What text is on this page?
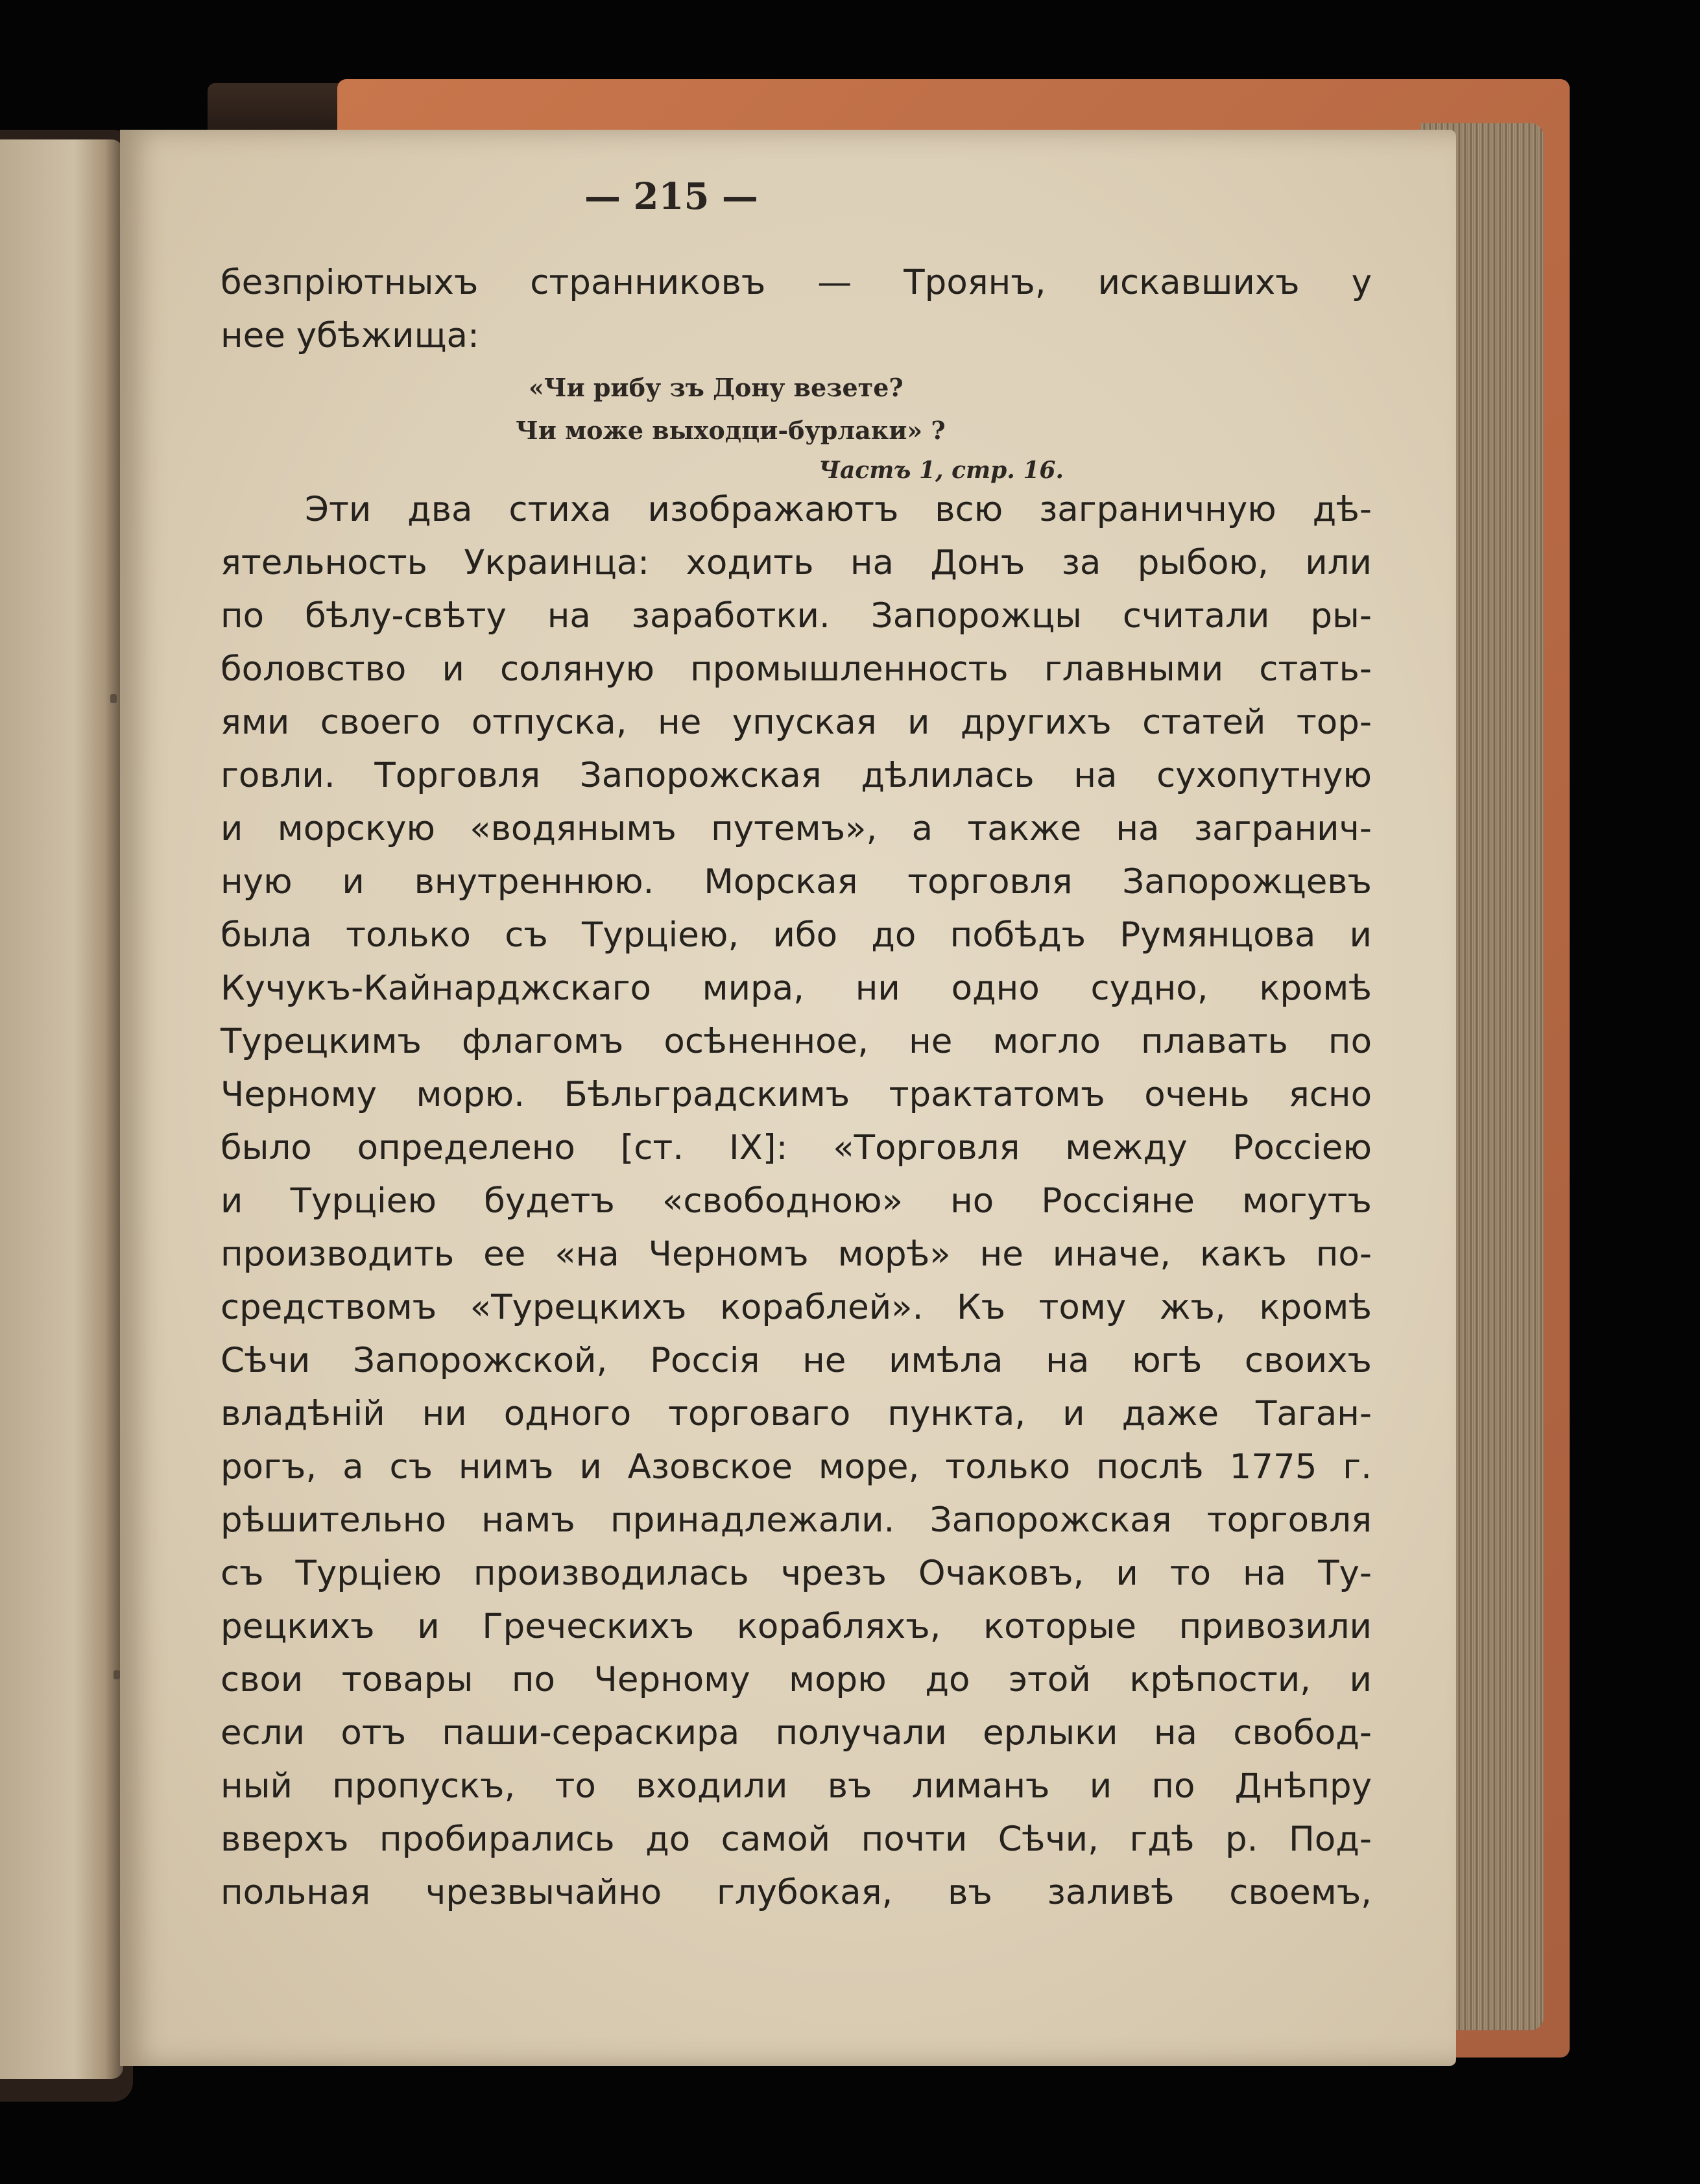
— 215 —
безпріютныхъ странниковъ — Троянъ, искавшихъ у
нее убѣжища:
«Чи рибу зъ Дону везете?
Чи може выходци-бурлаки» ?
Частъ 1, стр. 16.
Эти два стиха изображаютъ всю заграничную дѣ-
ятельность Украинца: ходить на Донъ за рыбою, или
по бѣлу-свѣту на заработки. Запорожцы считали ры-
боловство и соляную промышленность главными стать-
ями своего отпуска, не упуская и другихъ статей тор-
говли. Торговля Запорожская дѣлилась на сухопутную
и морскую «водянымъ путемъ», а также на загранич-
ную и внутреннюю. Морская торговля Запорожцевъ
была только съ Турціею, ибо до побѣдъ Румянцова и
Кучукъ-Кайнарджскаго мира, ни одно судно, кромѣ
Турецкимъ флагомъ осѣненное, не могло плавать по
Черному морю. Бѣльградскимъ трактатомъ очень ясно
было определено [ст. IX]: «Торговля между Россіею
и Турціею будетъ «свободною» но Россіяне могутъ
производить ее «на Черномъ морѣ» не иначе, какъ по-
средствомъ «Турецкихъ кораблей». Къ тому жъ, кромѣ
Сѣчи Запорожской, Россія не имѣла на югѣ своихъ
владѣній ни одного торговаго пункта, и даже Таган-
рогъ, а съ нимъ и Азовское море, только послѣ 1775 г.
рѣшительно намъ принадлежали. Запорожская торговля
съ Турціею производилась чрезъ Очаковъ, и то на Ту-
рецкихъ и Греческихъ корабляхъ, которые привозили
свои товары по Черному морю до этой крѣпости, и
если отъ паши-сераскира получали ерлыки на свобод-
ный пропускъ, то входили въ лиманъ и по Днѣпру
вверхъ пробирались до самой почти Сѣчи, гдѣ р. Под-
польная чрезвычайно глубокая, въ заливѣ своемъ,
